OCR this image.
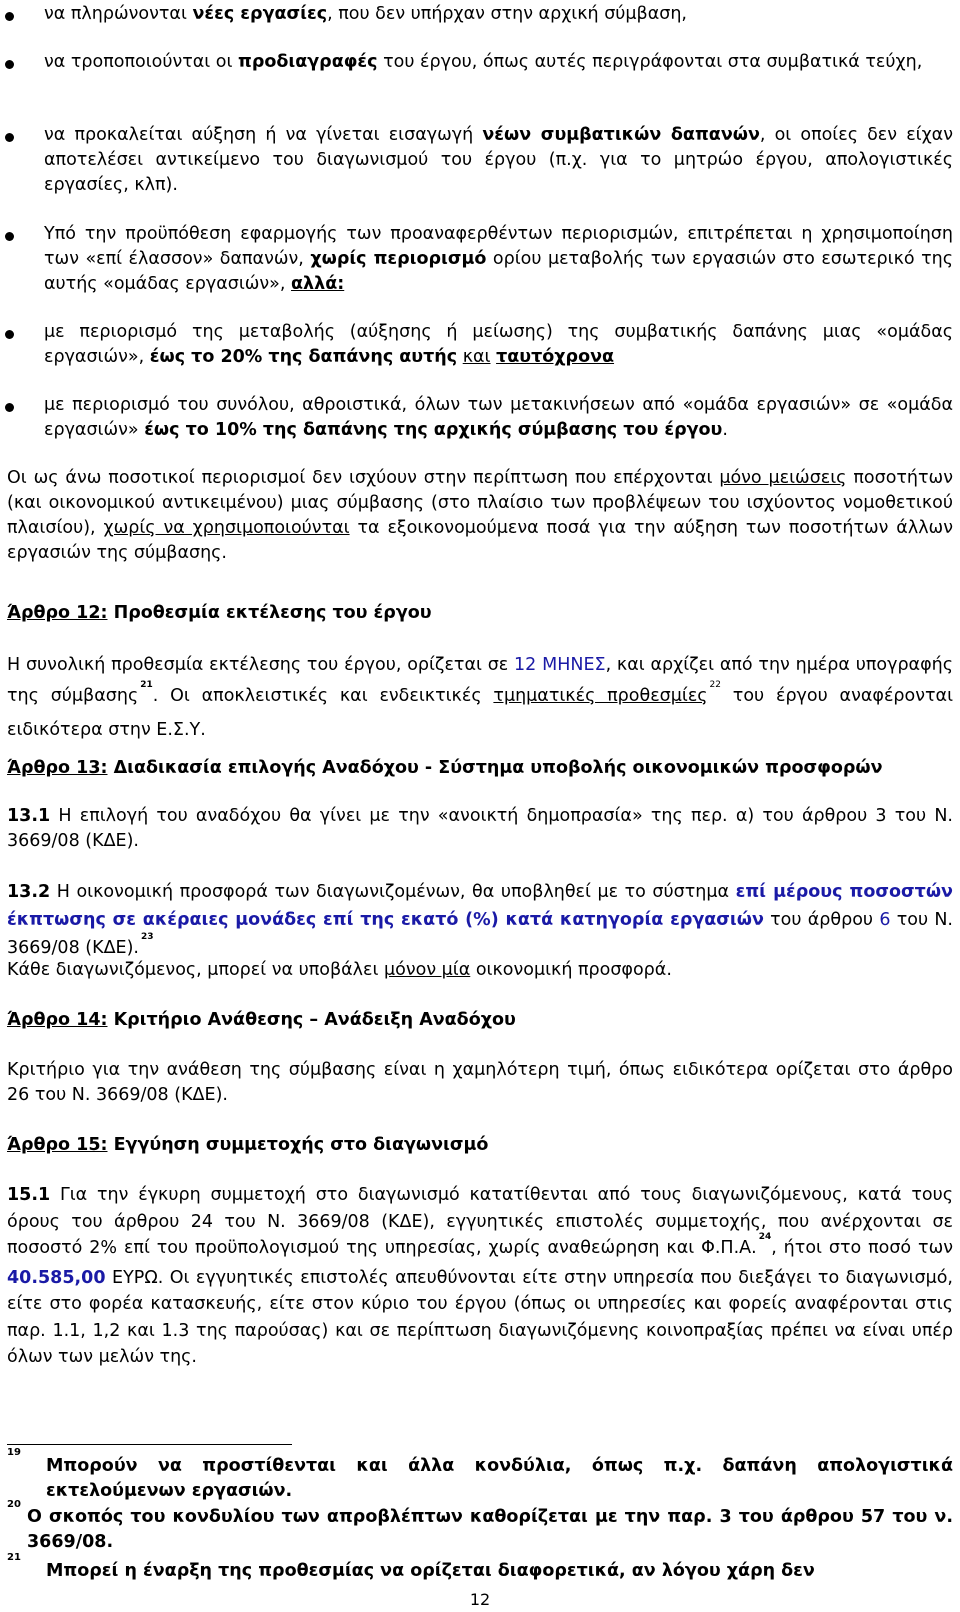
να πληρώνονται νέες εργασίες, που δεν υπήρχαν στην αρχική σύμβαση,
να τροποποιούνται οι προδιαγραφές του έργου, όπως αυτές περιγράφονται στα συμβατικά τεύχη,
να προκαλείται αύξηση ή να γίνεται εισαγωγή νέων συμβατικών δαπανών, οι οποίες δεν είχαν αποτελέσει αντικείμενο του διαγωνισμού του έργου (π.χ. για το μητρώο έργου, απολογιστικές εργασίες, κλπ).
Υπό την προϋπόθεση εφαρμογής των προαναφερθέντων περιορισμών, επιτρέπεται η χρησιμοποίηση των «επί έλασσον» δαπανών, χωρίς περιορισμό ορίου μεταβολής των εργασιών στο εσωτερικό της αυτής «ομάδας εργασιών», αλλά:
με περιορισμό της μεταβολής (αύξησης ή μείωσης) της συμβατικής δαπάνης μιας «ομάδας εργασιών», έως το 20% της δαπάνης αυτής και ταυτόχρονα
με περιορισμό του συνόλου, αθροιστικά, όλων των μετακινήσεων από «ομάδα εργασιών» σε «ομάδα εργασιών» έως το 10% της δαπάνης της αρχικής σύμβασης του έργου.
Οι ως άνω ποσοτικοί περιορισμοί δεν ισχύουν στην περίπτωση που επέρχονται μόνο μειώσεις ποσοτήτων (και οικονομικού αντικειμένου) μιας σύμβασης (στο πλαίσιο των προβλέψεων του ισχύοντος νομοθετικού πλαισίου), χωρίς να χρησιμοποιούνται τα εξοικονομούμενα ποσά για την αύξηση των ποσοτήτων άλλων εργασιών της σύμβασης.
Άρθρο 12: Προθεσμία εκτέλεσης του έργου
Η συνολική προθεσμία εκτέλεσης του έργου, ορίζεται σε 12 ΜΗΝΕΣ, και αρχίζει από την ημέρα υπογραφής της σύμβασης$^{21}$. Οι αποκλειστικές και ενδεικτικές τμηματικές προθεσμίες$^{22}$ του έργου αναφέρονται ειδικότερα στην Ε.Σ.Υ.
Άρθρο 13: Διαδικασία επιλογής Αναδόχου - Σύστημα υποβολής οικονομικών προσφορών
13.1 Η επιλογή του αναδόχου θα γίνει με την «ανοικτή δημοπρασία» της περ. α) του άρθρου 3 του Ν. 3669/08 (ΚΔΕ).
13.2 Η οικονομική προσφορά των διαγωνιζομένων, θα υποβληθεί με το σύστημα επί μέρους ποσοστών έκπτωσης σε ακέραιες μονάδες επί της εκατό (%) κατά κατηγορία εργασιών του άρθρου 6 του Ν. 3669/08 (ΚΔΕ).$^{23}$
Κάθε διαγωνιζόμενος, μπορεί να υποβάλει μόνον μία οικονομική προσφορά.
Άρθρο 14: Κριτήριο Ανάθεσης – Ανάδειξη Αναδόχου
Κριτήριο για την ανάθεση της σύμβασης είναι η χαμηλότερη τιμή, όπως ειδικότερα ορίζεται στο άρθρο 26 του Ν. 3669/08 (ΚΔΕ).
Άρθρο 15: Εγγύηση συμμετοχής στο διαγωνισμό
15.1 Για την έγκυρη συμμετοχή στο διαγωνισμό κατατίθενται από τους διαγωνιζόμενους, κατά τους όρους του άρθρου 24 του Ν. 3669/08 (ΚΔΕ), εγγυητικές επιστολές συμμετοχής, που ανέρχονται σε ποσοστό 2% επί του προϋπολογισμού της υπηρεσίας, χωρίς αναθεώρηση και Φ.Π.Α.$^{24}$, ήτοι στο ποσό των 40.585,00 ΕΥΡΩ. Οι εγγυητικές επιστολές απευθύνονται είτε στην υπηρεσία που διεξάγει το διαγωνισμό, είτε στο φορέα κατασκευής, είτε στον κύριο του έργου (όπως οι υπηρεσίες και φορείς αναφέρονται στις παρ. 1.1, 1,2 και 1.3 της παρούσας) και σε περίπτωση διαγωνιζόμενης κοινοπραξίας πρέπει να είναι υπέρ όλων των μελών της.
19
Μπορούν να προστίθενται και άλλα κονδύλια, όπως π.χ. δαπάνη απολογιστικά εκτελούμενων εργασιών.
20
Ο σκοπός του κονδυλίου των απροβλέπτων καθορίζεται με την παρ. 3 του άρθρου 57 του ν. 3669/08.
21
Μπορεί η έναρξη της προθεσμίας να ορίζεται διαφορετικά, αν λόγου χάρη δεν
12
